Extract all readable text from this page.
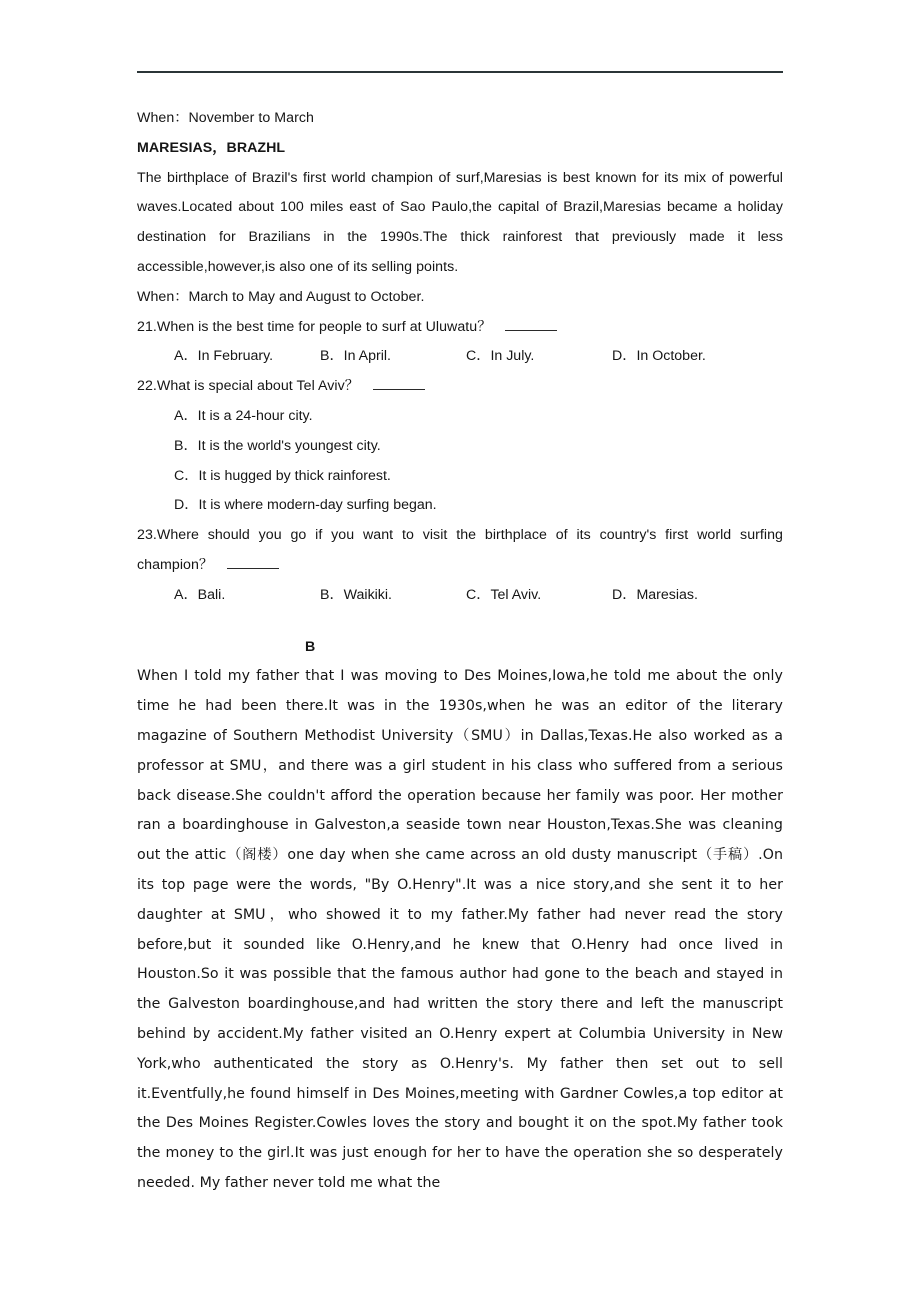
When：November to March

MARESIAS，BRAZHL

The birthplace of Brazil's first world champion of surf,Maresias is best known for its mix of powerful waves.Located about 100 miles east of Sao Paulo,the capital of Brazil,Maresias became a holiday destination for Brazilians in the 1990s.The thick rainforest that previously made it less accessible,however,is also one of its selling points.

When：March to May and August to October.

21.When is the best time for people to surf at Uluwatu？

A．In February.	B．In April.	C．In July.	D．In October.

22.What is special about Tel Aviv？

A．It is a 24-hour city.
B．It is the world's youngest city.
C．It is hugged by thick rainforest.
D．It is where modern-day surfing began.

23.Where should you go if you want to visit the birthplace of its country's first world surfing champion？

A．Bali.	B．Waikiki.	C．Tel Aviv.	D．Maresias.

B

When I told my father that I was moving to Des Moines,Iowa,he told me about the only time he had been there.It was in the 1930s,when he was an editor of the literary magazine of Southern Methodist University（SMU）in Dallas,Texas.He also worked as a professor at SMU，and there was a girl student in his class who suffered from a serious back disease.She couldn't afford the operation because her family was poor. Her mother ran a boardinghouse in Galveston,a seaside town near Houston,Texas.She was cleaning out the attic（阁楼）one day when she came across an old dusty manuscript（手稿）.On its top page were the words, "By O.Henry".It was a nice story,and she sent it to her daughter at SMU，who showed it to my father.My father had never read the story before,but it sounded like O.Henry,and he knew that O.Henry had once lived in Houston.So it was possible that the famous author had gone to the beach and stayed in the Galveston boardinghouse,and had written the story there and left the manuscript behind by accident.My father visited an O.Henry expert at Columbia University in New York,who authenticated the story as O.Henry's. My father then set out to sell it.Eventfully,he found himself in Des Moines,meeting with Gardner Cowles,a top editor at the Des Moines Register.Cowles loves the story and bought it on the spot.My father took the money to the girl.It was just enough for her to have the operation she so desperately needed. My father never told me what the
